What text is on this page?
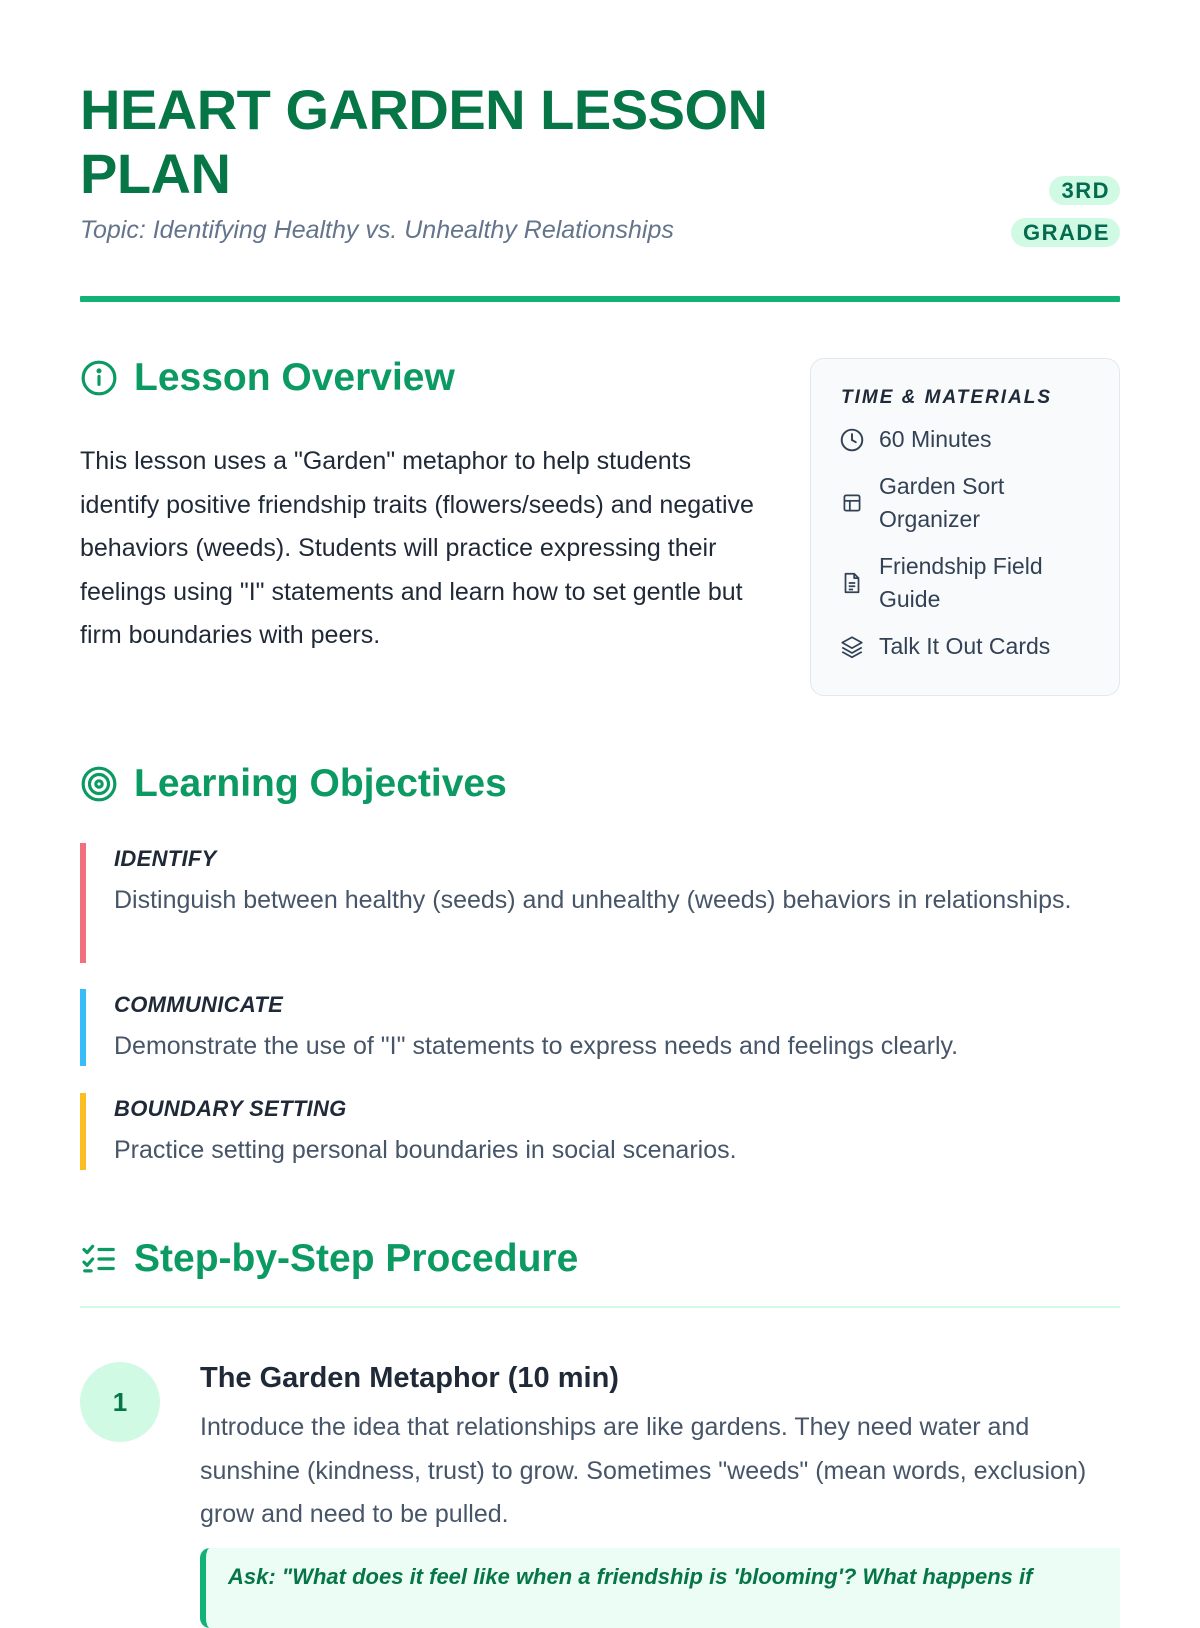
HEART GARDEN LESSON PLAN

Topic: Identifying Healthy vs. Unhealthy Relationships

3RD GRADE
Lesson Overview

This lesson uses a "Garden" metaphor to help students identify positive friendship traits (flowers/seeds) and negative behaviors (weeds). Students will practice expressing their feelings using "I" statements and learn how to set gentle but firm boundaries with peers.

TIME & MATERIALS
60 Minutes
Garden Sort Organizer
Friendship Field Guide
Talk It Out Cards
Learning Objectives

IDENTIFY

Distinguish between healthy (seeds) and unhealthy (weeds) behaviors in relationships.

COMMUNICATE

Demonstrate the use of "I" statements to express needs and feelings clearly.

BOUNDARY SETTING

Practice setting personal boundaries in social scenarios.

Step-by-Step Procedure
1
The Garden Metaphor (10 min)

Introduce the idea that relationships are like gardens. They need water and sunshine (kindness, trust) to grow. Sometimes "weeds" (mean words, exclusion) grow and need to be pulled.

Ask: "What does it feel like when a friendship is 'blooming'? What happens if
